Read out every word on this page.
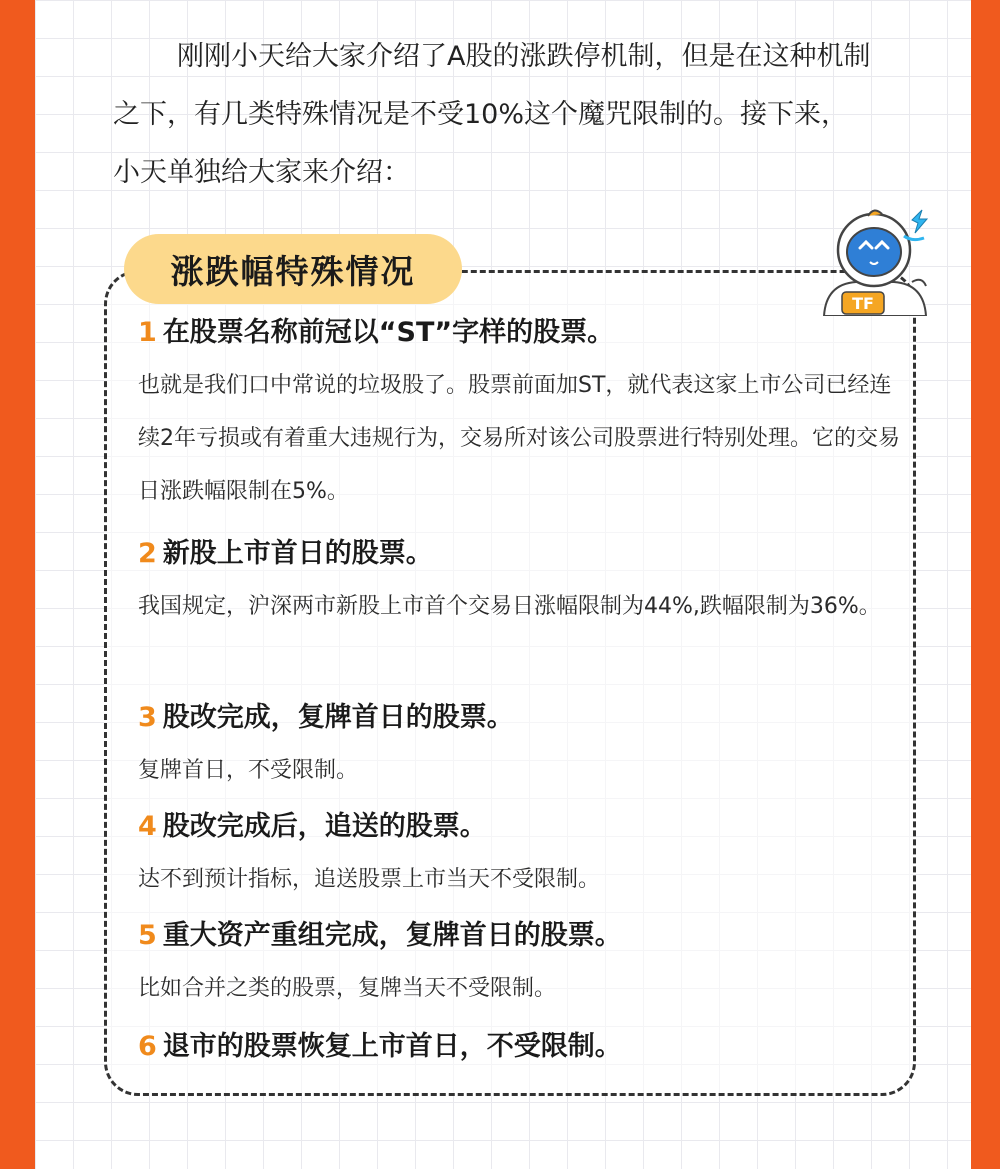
刚刚小天给大家介绍了A股的涨跌停机制，但是在这种机制之下，有几类特殊情况是不受10%这个魔咒限制的。接下来，小天单独给大家来介绍：

涨跌幅特殊情况
TF
1 在股票名称前冠以“ST”字样的股票。

也就是我们口中常说的垃圾股了。股票前面加ST，就代表这家上市公司已经连续2年亏损或有着重大违规行为，交易所对该公司股票进行特别处理。它的交易日涨跌幅限制在5%。

2 新股上市首日的股票。

我国规定，沪深两市新股上市首个交易日涨幅限制为44%,跌幅限制为36%。

3 股改完成，复牌首日的股票。

复牌首日，不受限制。

4 股改完成后，追送的股票。

达不到预计指标，追送股票上市当天不受限制。

5 重大资产重组完成，复牌首日的股票。

比如合并之类的股票，复牌当天不受限制。

6 退市的股票恢复上市首日，不受限制。
